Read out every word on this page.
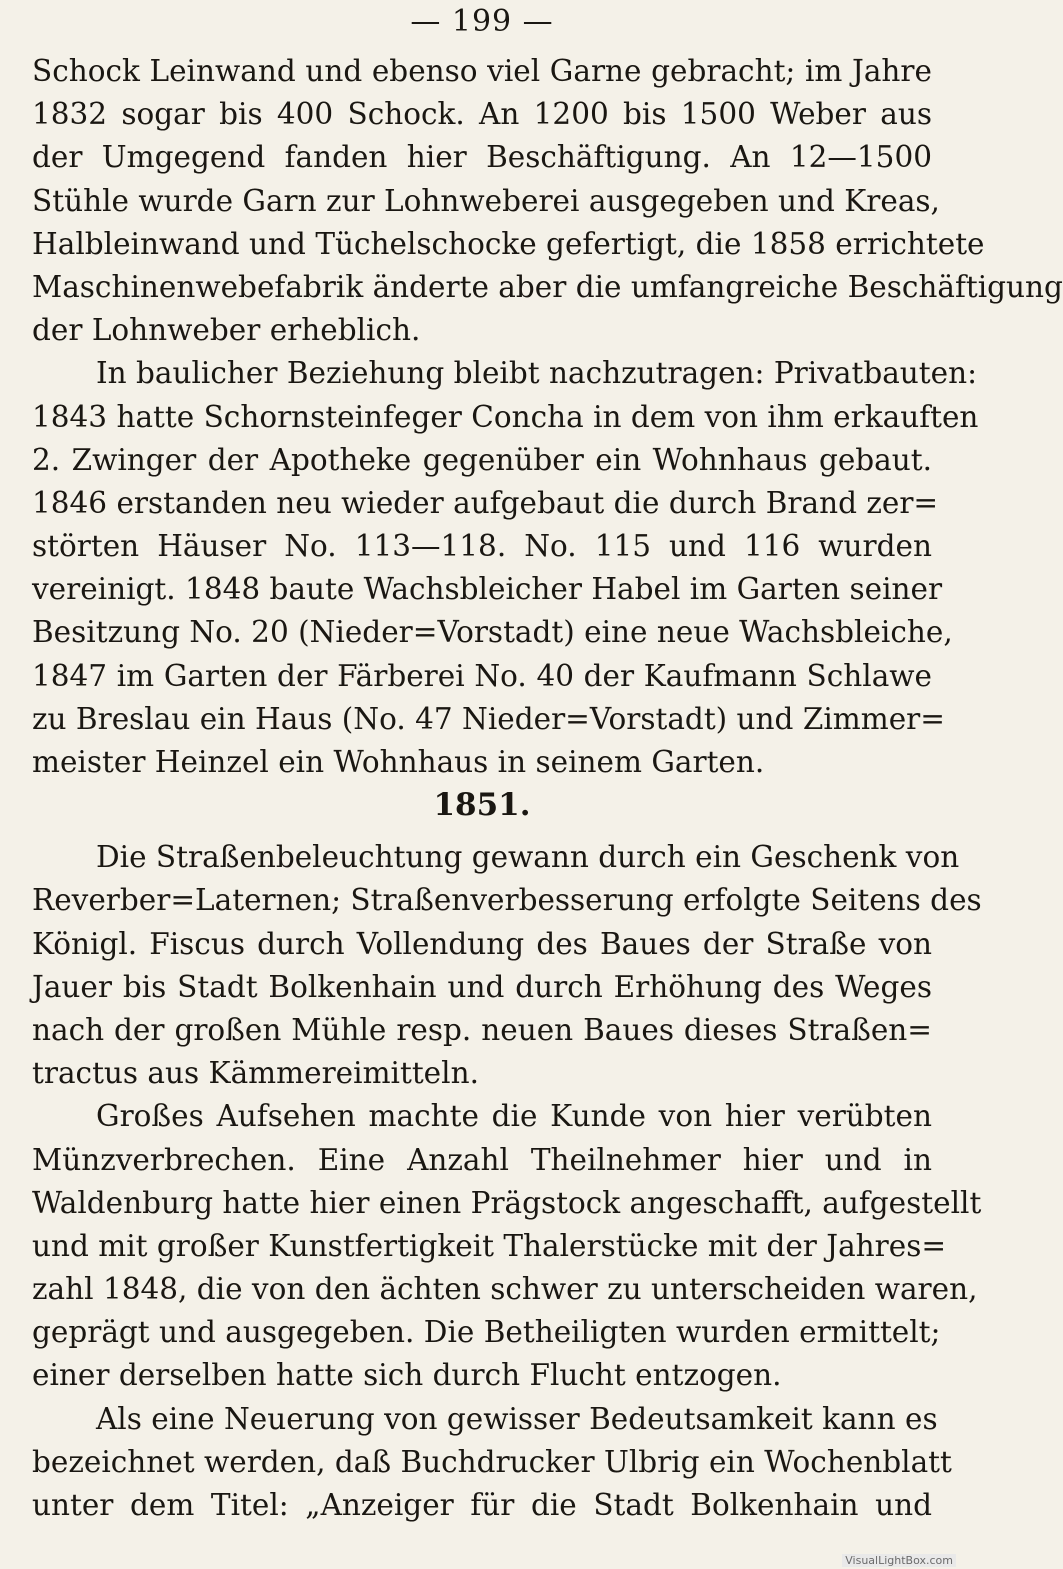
— 199 —
Schock Leinwand und ebenso viel Garne gebracht; im Jahre
1832 sogar bis 400 Schock. An 1200 bis 1500 Weber aus
der Umgegend fanden hier Beschäftigung. An 12—1500
Stühle wurde Garn zur Lohnweberei ausgegeben und Kreas,
Halbleinwand und Tüchelschocke gefertigt, die 1858 errichtete
Maschinenwebefabrik änderte aber die umfangreiche Beschäftigung
der Lohnweber erheblich.
In baulicher Beziehung bleibt nachzutragen: Privatbauten:
1843 hatte Schornsteinfeger Concha in dem von ihm erkauften
2. Zwinger der Apotheke gegenüber ein Wohnhaus gebaut.
1846 erstanden neu wieder aufgebaut die durch Brand zer=
störten Häuser No. 113—118. No. 115 und 116 wurden
vereinigt. 1848 baute Wachsbleicher Habel im Garten seiner
Besitzung No. 20 (Nieder=Vorstadt) eine neue Wachsbleiche,
1847 im Garten der Färberei No. 40 der Kaufmann Schlawe
zu Breslau ein Haus (No. 47 Nieder=Vorstadt) und Zimmer=
meister Heinzel ein Wohnhaus in seinem Garten.
1851.
Die Straßenbeleuchtung gewann durch ein Geschenk von
Reverber=Laternen; Straßenverbesserung erfolgte Seitens des
Königl. Fiscus durch Vollendung des Baues der Straße von
Jauer bis Stadt Bolkenhain und durch Erhöhung des Weges
nach der großen Mühle resp. neuen Baues dieses Straßen=
tractus aus Kämmereimitteln.
Großes Aufsehen machte die Kunde von hier verübten
Münzverbrechen. Eine Anzahl Theilnehmer hier und in
Waldenburg hatte hier einen Prägstock angeschafft, aufgestellt
und mit großer Kunstfertigkeit Thalerstücke mit der Jahres=
zahl 1848, die von den ächten schwer zu unterscheiden waren,
geprägt und ausgegeben. Die Betheiligten wurden ermittelt;
einer derselben hatte sich durch Flucht entzogen.
Als eine Neuerung von gewisser Bedeutsamkeit kann es
bezeichnet werden, daß Buchdrucker Ulbrig ein Wochenblatt
unter dem Titel: „Anzeiger für die Stadt Bolkenhain und
VisualLightBox.com
